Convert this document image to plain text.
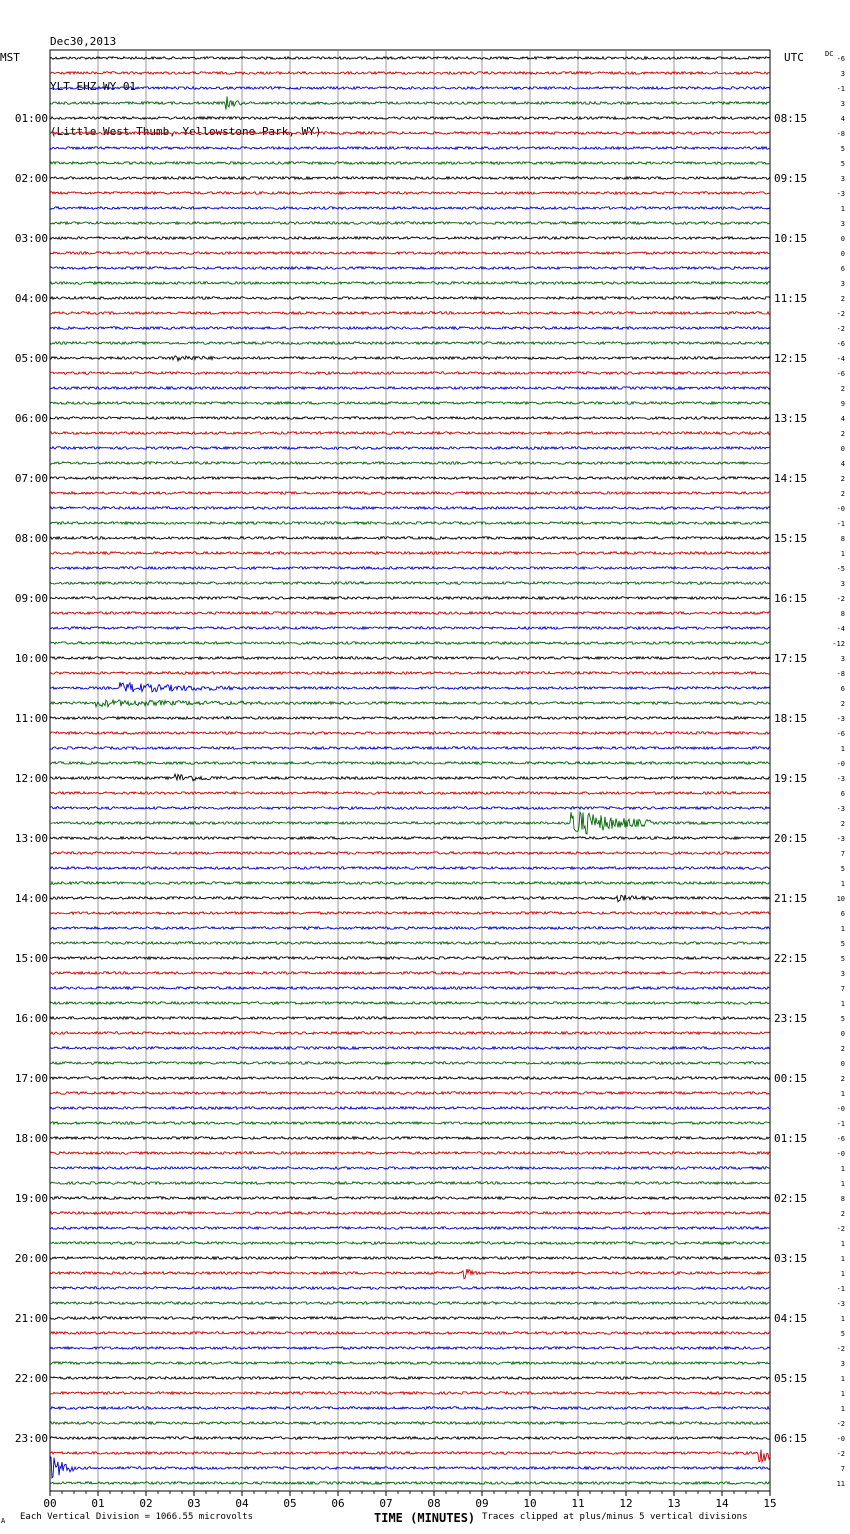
Dec30,2013

YLT EHZ WY 01

(Little West Thumb, Yellowstone Park, WY)

01:00
02:00
03:00
04:00
05:00
06:00
07:00
08:00
09:00
10:00
11:00
12:00
13:00
14:00
15:00
16:00
17:00
18:00
19:00
20:00
21:00
22:00
23:00
08:15
09:15
10:15
11:15
12:15
13:15
14:15
15:15
16:15
17:15
18:15
19:15
20:15
21:15
22:15
23:15
00:15
01:15
02:15
03:15
04:15
05:15
06:15
MST	UTC	DC
-6
3
-1
3
4
-8
5
5
3
-3
1
3
0
0
6
3
2
-2
-2
-6
-4
-6
2
9
4
2
0
4
2
2
-0
-1
8
1
-5
3
-2
8
-4
-12
3
-8
6
2
-3
-6
1
-0
-3
6
-3
2
-3
7
5
1
10
6
1
5
5
3
7
1
5
0
2
0
2
1
-0
-1
-6
-0
1
1
8
2
-2
1
1
1
-1
-3
1
5
-2
3
1
1
1
-2
-0
-2
7
11
00	01	02	03	04	05	06	07	08	09	10	11	12	13	14	15
TIME (MINUTES)
A Each Vertical Division = 1066.55 microvolts	Traces clipped at plus/minus 5 vertical divisions
